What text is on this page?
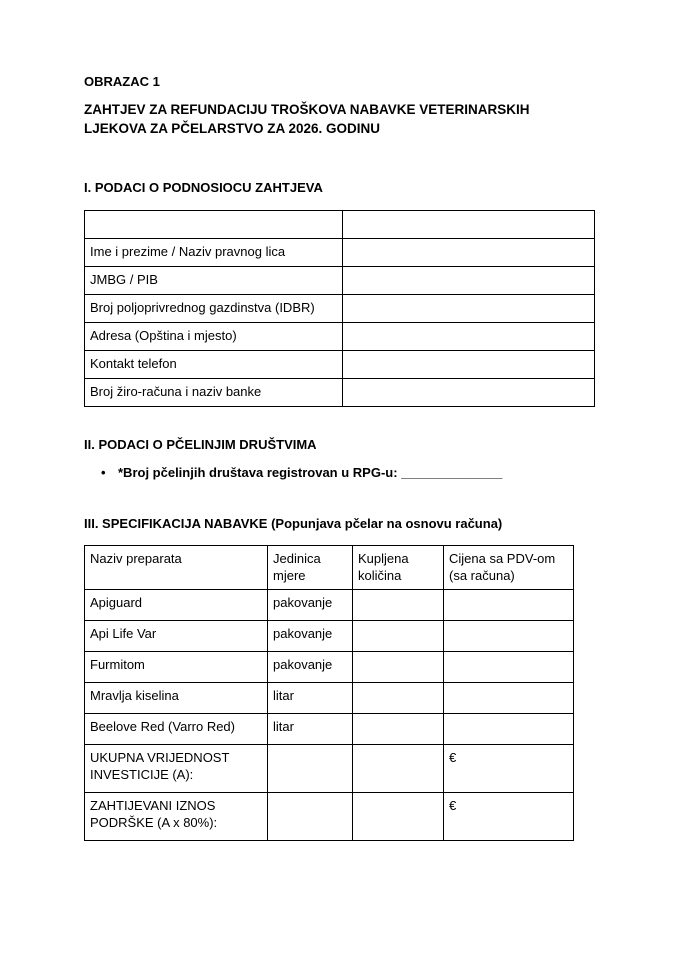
OBRAZAC 1

ZAHTJEV ZA REFUNDACIJU TROŠKOVA NABAVKE VETERINARSKIH
LJEKOVA ZA PČELARSTVO ZA 2026. GODINU

I. PODACI O PODNOSIOCU ZAHTJEVA

Ime i prezime / Naziv pravnog lica	
JMBG / PIB	
Broj poljoprivrednog gazdinstva (IDBR)	
Adresa (Opština i mjesto)	
Kontakt telefon	
Broj žiro-računa i naziv banke	

II. PODACI O PČELINJIM DRUŠTVIMA

• *Broj pčelinjih društava registrovan u RPG-u: ______________

III. SPECIFIKACIJA NABAVKE (Popunjava pčelar na osnovu računa)

Naziv preparata	Jedinica mjere	Kupljena količina	Cijena sa PDV-om (sa računa)
Apiguard	pakovanje		
Api Life Var	pakovanje		
Furmitom	pakovanje		
Mravlja kiselina	litar		
Beelove Red (Varro Red)	litar		
UKUPNA VRIJEDNOST INVESTICIJE (A):			€
ZAHTIJEVANI IZNOS PODRŠKE (A x 80%):			€
